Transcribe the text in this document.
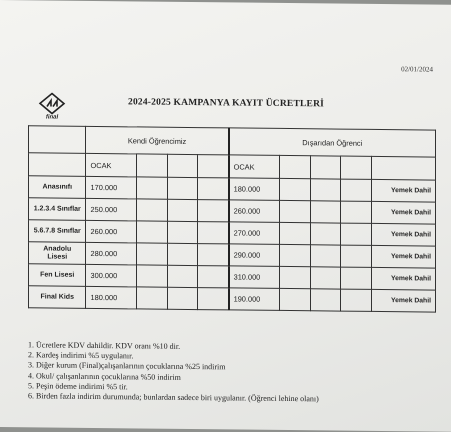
02/01/2024
final
2024-2025 KAMPANYA KAYIT ÜCRETLERİ
	Kendi Öğrencimiz				Dışarıdan Öğrenci				
	OCAK				OCAK				
Anasınıfı	170.000				180.000				Yemek Dahil
1.2.3.4 Sınıflar	250.000				260.000				Yemek Dahil
5.6.7.8 Sınıflar	260.000				270.000				Yemek Dahil
Anadolu Lisesi	280.000				290.000				Yemek Dahil
Fen Lisesi	300.000				310.000				Yemek Dahil
Final Kids	180.000				190.000				Yemek Dahil
1. Ücretlere KDV dahildir. KDV oranı %10 dir.
2. Kardeş indirimi %5 uygulanır.
3. Diğer kurum (Final)çalışanlarının çocuklarına %25 indirim
4. Okul/ çalışanlarının çocuklarına %50 indirim
5. Peşin ödeme indirimi %5 tir.
6. Birden fazla indirim durumunda; bunlardan sadece biri uygulanır. (Öğrenci lehine olanı)
